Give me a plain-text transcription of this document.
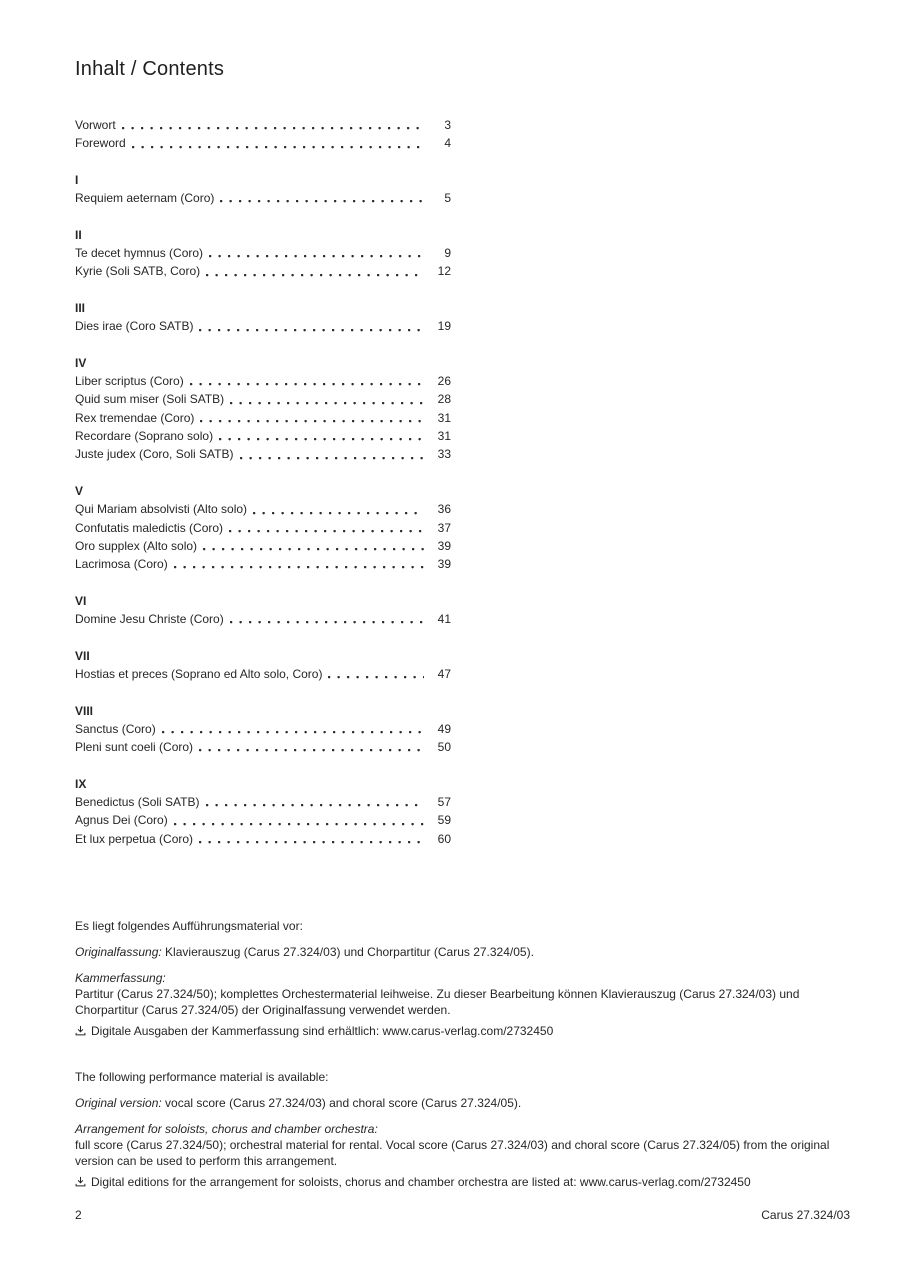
Inhalt / Contents
Vorwort	3
Foreword	4
I
Requiem aeternam (Coro)	5
II
Te decet hymnus (Coro)	9
Kyrie (Soli SATB, Coro)	12
III
Dies irae (Coro SATB)	19
IV
Liber scriptus (Coro)	26
Quid sum miser (Soli SATB)	28
Rex tremendae (Coro)	31
Recordare (Soprano solo)	31
Juste judex (Coro, Soli SATB)	33
V
Qui Mariam absolvisti (Alto solo)	36
Confutatis maledictis (Coro)	37
Oro supplex (Alto solo)	39
Lacrimosa (Coro)	39
VI
Domine Jesu Christe (Coro)	41
VII
Hostias et preces (Soprano ed Alto solo, Coro)	47
VIII
Sanctus (Coro)	49
Pleni sunt coeli (Coro)	50
IX
Benedictus (Soli SATB)	57
Agnus Dei (Coro)	59
Et lux perpetua (Coro)	60

Es liegt folgendes Aufführungsmaterial vor:

Originalfassung: Klavierauszug (Carus 27.324/03) und Chorpartitur (Carus 27.324/05).

Kammerfassung:
Partitur (Carus 27.324/50); komplettes Orchestermaterial leihweise. Zu dieser Bearbeitung können Klavierauszug (Carus 27.324/03) und Chorpartitur (Carus 27.324/05) der Originalfassung verwendet werden.

Digitale Ausgaben der Kammerfassung sind erhältlich: www.carus-verlag.com/2732450

The following performance material is available:

Original version: vocal score (Carus 27.324/03) and choral score (Carus 27.324/05).

Arrangement for soloists, chorus and chamber orchestra:
full score (Carus 27.324/50); orchestral material for rental. Vocal score (Carus 27.324/03) and choral score (Carus 27.324/05) from the original version can be used to perform this arrangement.

Digital editions for the arrangement for soloists, chorus and chamber orchestra are listed at: www.carus-verlag.com/2732450

2	Carus 27.324/03
